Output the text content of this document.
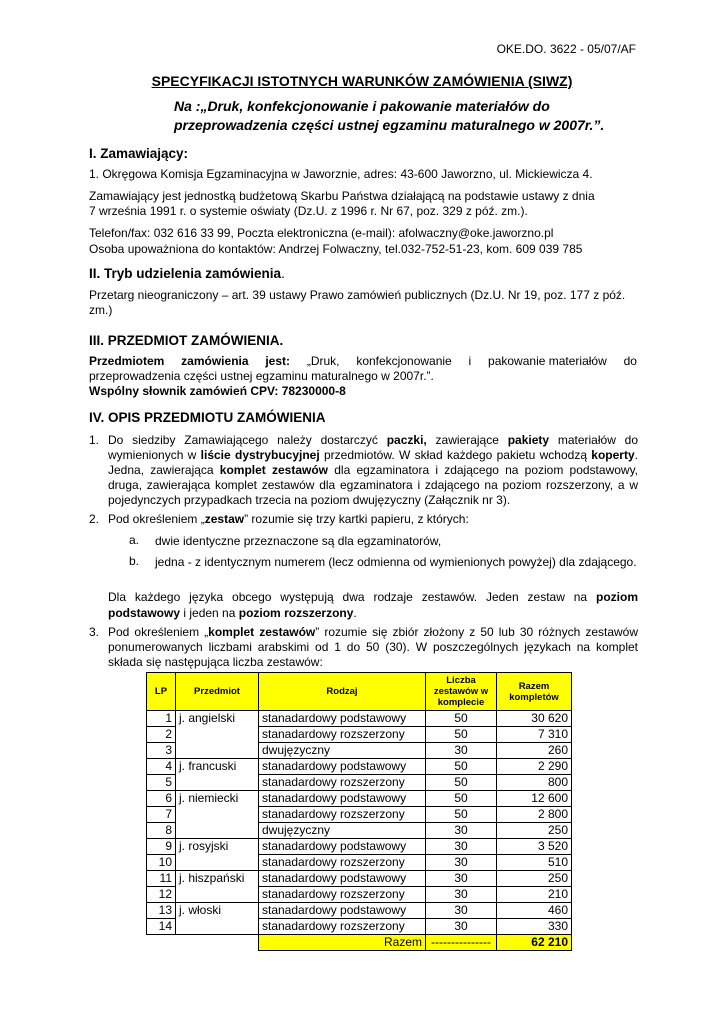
OKE.DO. 3622 - 05/07/AF
SPECYFIKACJI ISTOTNYCH WARUNKÓW ZAMÓWIENIA (SIWZ)
Na :„Druk, konfekcjonowanie i pakowanie materiałów do
przeprowadzenia części ustnej egzaminu maturalnego w 2007r.”.
I. Zamawiający:
1. Okręgowa Komisja Egzaminacyjna w Jaworznie, adres: 43-600 Jaworzno, ul. Mickiewicza 4.
Zamawiający jest jednostką budżetową Skarbu Państwa działającą na podstawie ustawy z dnia
7 września 1991 r. o systemie oświaty (Dz.U. z 1996 r. Nr 67, poz. 329 z póź. zm.).
Telefon/fax: 032 616 33 99, Poczta elektroniczna (e-mail): afolwaczny@oke.jaworzno.pl
Osoba upoważniona do kontaktów: Andrzej Folwaczny, tel.032-752-51-23, kom. 609 039 785
II. Tryb udzielenia zamówienia.
Przetarg nieograniczony – art. 39 ustawy Prawo zamówień publicznych (Dz.U. Nr 19, poz. 177 z póź.
zm.)
III. PRZEDMIOT ZAMÓWIENIA.
Przedmiotem zamówienia jest: „Druk, konfekcjonowanie i pakowanie materiałów do
przeprowadzenia części ustnej egzaminu maturalnego w 2007r.”.
Wspólny słownik zamówień CPV: 78230000-8
IV. OPIS PRZEDMIOTU ZAMÓWIENIA
1. Do siedziby Zamawiającego należy dostarczyć paczki, zawierające pakiety materiałów do wymienionych w liście dystrybucyjnej przedmiotów. W skład każdego pakietu wchodzą koperty. Jedna, zawierająca komplet zestawów dla egzaminatora i zdającego na poziom podstawowy, druga, zawierająca komplet zestawów dla egzaminatora i zdającego na poziom rozszerzony, a w pojedynczych przypadkach trzecia na poziom dwujęzyczny (Załącznik nr 3).
2. Pod określeniem „zestaw” rozumie się trzy kartki papieru, z których:
a. dwie identyczne przeznaczone są dla egzaminatorów,
b. jedna - z identycznym numerem (lecz odmienna od wymienionych powyżej) dla zdającego.
Dla każdego języka obcego występują dwa rodzaje zestawów. Jeden zestaw na poziom podstawowy i jeden na poziom rozszerzony.
3. Pod określeniem „komplet zestawów” rozumie się zbiór złożony z 50 lub 30 różnych zestawów ponumerowanych liczbami arabskimi od 1 do 50 (30). W poszczególnych językach na komplet składa się następująca liczba zestawów:
LP	Przedmiot	Rodzaj	Liczba zestawów w komplecie	Razem kompletów
1	j. angielski	stanadardowy podstawowy	50	30 620
2		stanadardowy rozszerzony	50	7 310
3		dwujęzyczny	30	260
4	j. francuski	stanadardowy podstawowy	50	2 290
5		stanadardowy rozszerzony	50	800
6	j. niemiecki	stanadardowy podstawowy	50	12 600
7		stanadardowy rozszerzony	50	2 800
8		dwujęzyczny	30	250
9	j. rosyjski	stanadardowy podstawowy	30	3 520
10		stanadardowy rozszerzony	30	510
11	j. hiszpański	stanadardowy podstawowy	30	250
12		stanadardowy rozszerzony	30	210
13	j. włoski	stanadardowy podstawowy	30	460
14		stanadardowy rozszerzony	30	330
		Razem	---------------	62 210
